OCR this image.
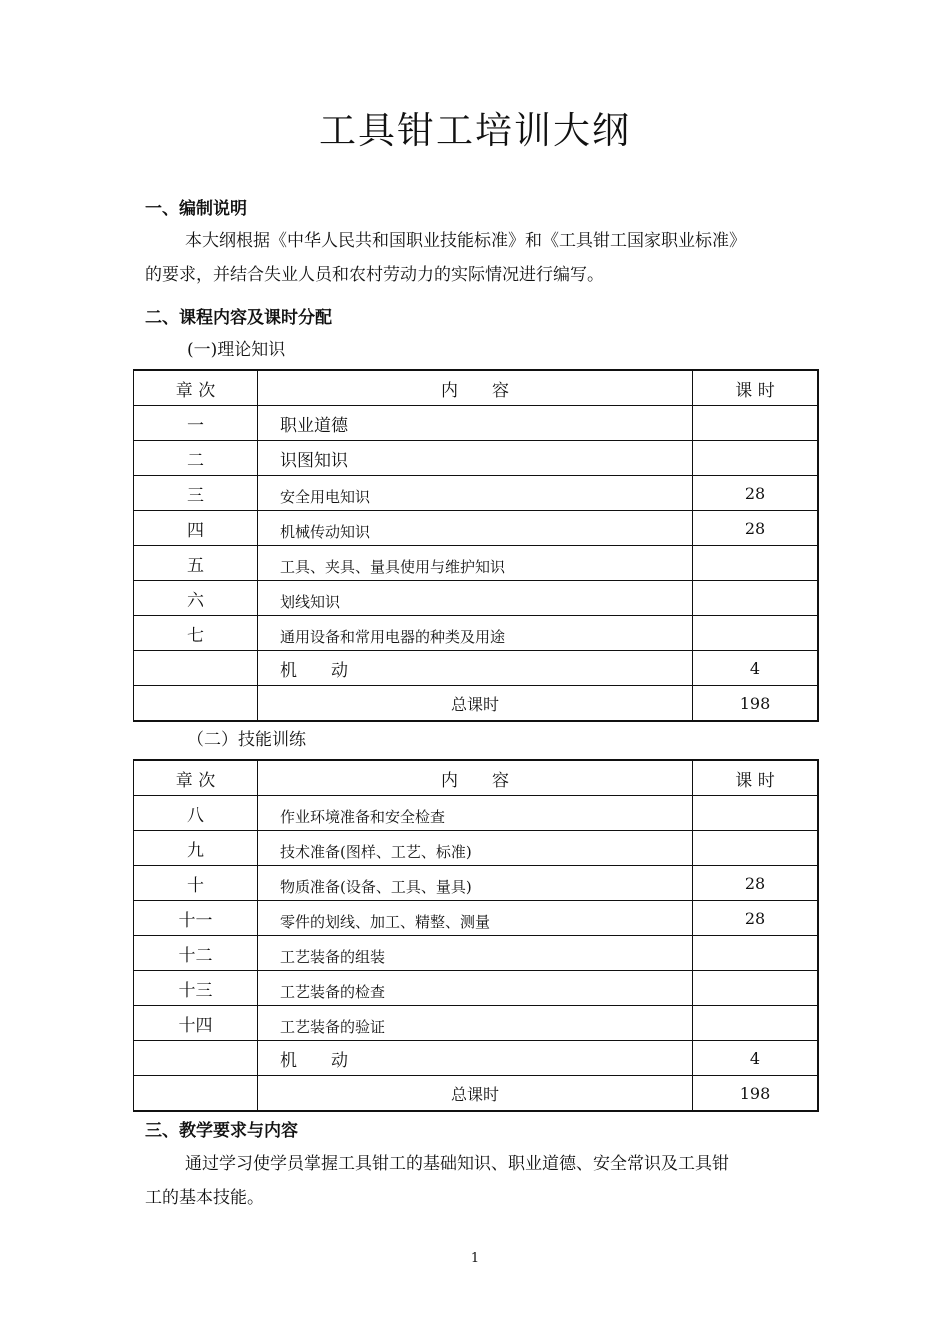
工具钳工培训大纲
一、编制说明
本大纲根据《中华人民共和国职业技能标准》和《工具钳工国家职业标准》
的要求，并结合失业人员和农村劳动力的实际情况进行编写。
二、课程内容及课时分配
(一)理论知识
章 次	内　　容	课 时
一	职业道德	
二	识图知识	
三	安全用电知识	28
四	机械传动知识	28
五	工具、夹具、量具使用与维护知识	
六	划线知识	
七	通用设备和常用电器的种类及用途	
	机　　动	4
	总课时	198
（二）技能训练
章 次	内　　容	课 时
八	作业环境准备和安全检查	
九	技术准备(图样、工艺、标准)	
十	物质准备(设备、工具、量具)	28
十一	零件的划线、加工、精整、测量	28
十二	工艺装备的组装	
十三	工艺装备的检查	
十四	工艺装备的验证	
	机　　动	4
	总课时	198
三、教学要求与内容
通过学习使学员掌握工具钳工的基础知识、职业道德、安全常识及工具钳
工的基本技能。
1
